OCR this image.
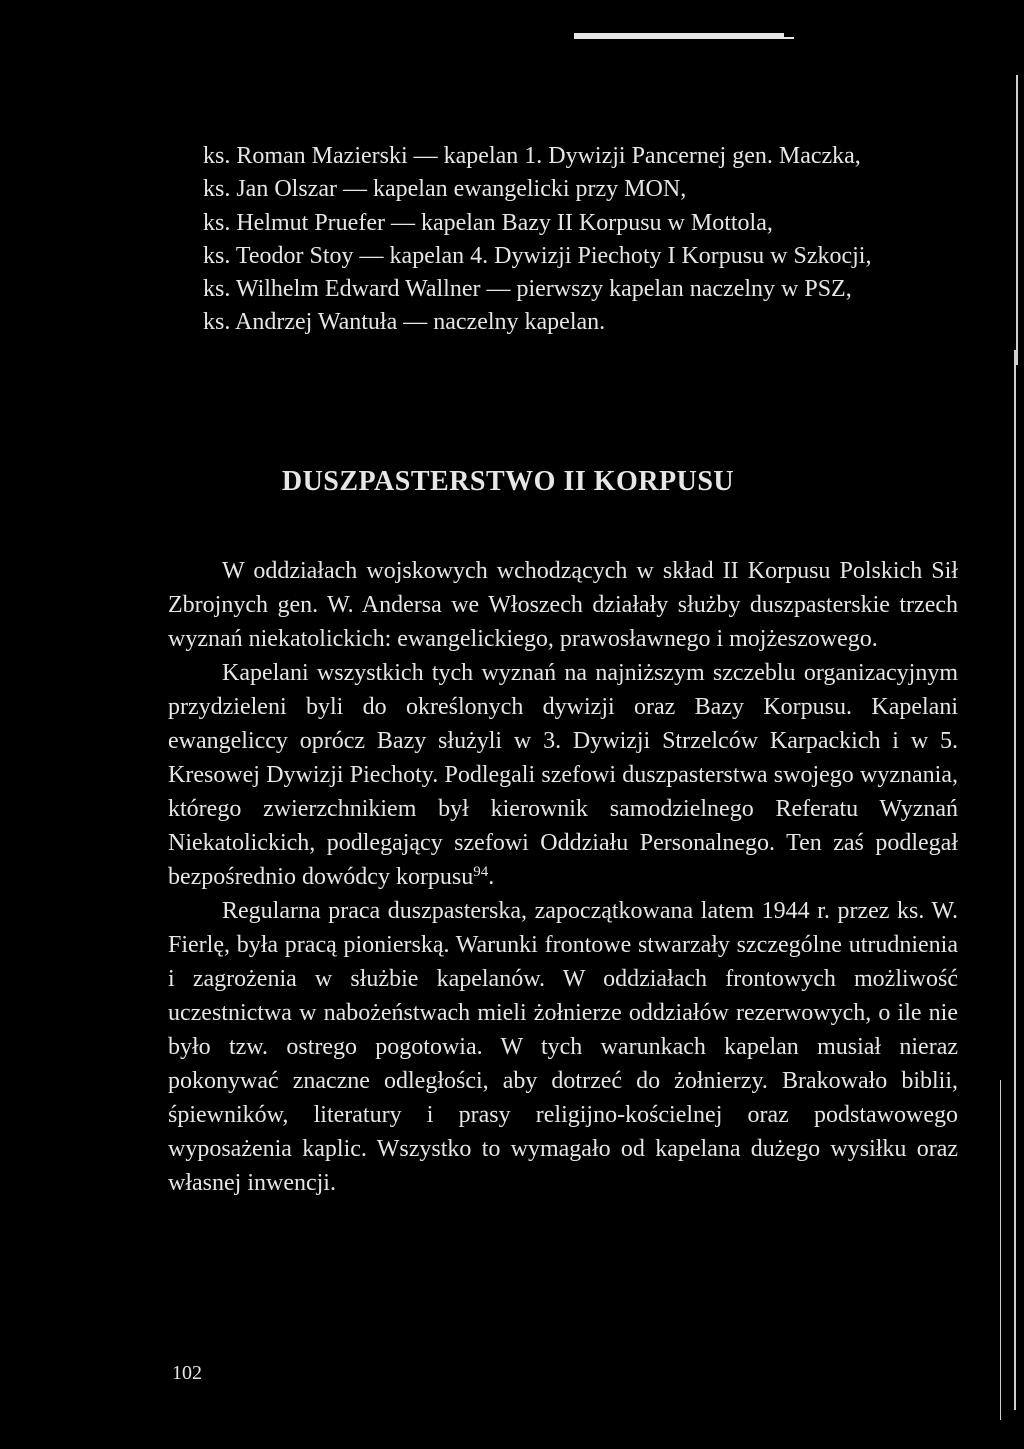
ks. Roman Mazierski — kapelan 1. Dywizji Pancernej gen. Maczka,

ks. Jan Olszar — kapelan ewangelicki przy MON,

ks. Helmut Pruefer — kapelan Bazy II Korpusu w Mottola,

ks. Teodor Stoy — kapelan 4. Dywizji Piechoty I Korpusu w Szkocji,

ks. Wilhelm Edward Wallner — pierwszy kapelan naczelny w PSZ,

ks. Andrzej Wantuła — naczelny kapelan.

DUSZPASTERSTWO II KORPUSU

W oddziałach wojskowych wchodzących w skład II Korpusu Polskich Sił Zbrojnych gen. W. Andersa we Włoszech działały służby duszpasterskie trzech wyznań niekatolickich: ewangelickiego, prawosławnego i mojżeszowego.

Kapelani wszystkich tych wyznań na najniższym szczeblu organizacyjnym przydzieleni byli do określonych dywizji oraz Bazy Korpusu. Kapelani ewangeliccy oprócz Bazy służyli w 3. Dywizji Strzelców Karpackich i w 5. Kresowej Dywizji Piechoty. Podlegali szefowi duszpasterstwa swojego wyznania, którego zwierzchnikiem był kierownik samodzielnego Referatu Wyznań Niekatolickich, podlegający szefowi Oddziału Personalnego. Ten zaś podlegał bezpośrednio dowódcy korpusu$^{94}$.

Regularna praca duszpasterska, zapoczątkowana latem 1944 r. przez ks. W. Fierlę, była pracą pionierską. Warunki frontowe stwarzały szczególne utrudnienia i zagrożenia w służbie kapelanów. W oddziałach frontowych możliwość uczestnictwa w nabożeństwach mieli żołnierze oddziałów rezerwowych, o ile nie było tzw. ostrego pogotowia. W tych warunkach kapelan musiał nieraz pokonywać znaczne odległości, aby dotrzeć do żołnierzy. Brakowało biblii, śpiewników, literatury i prasy religijno-kościelnej oraz podstawowego wyposażenia kaplic. Wszystko to wymagało od kapelana dużego wysiłku oraz własnej inwencji.

102
